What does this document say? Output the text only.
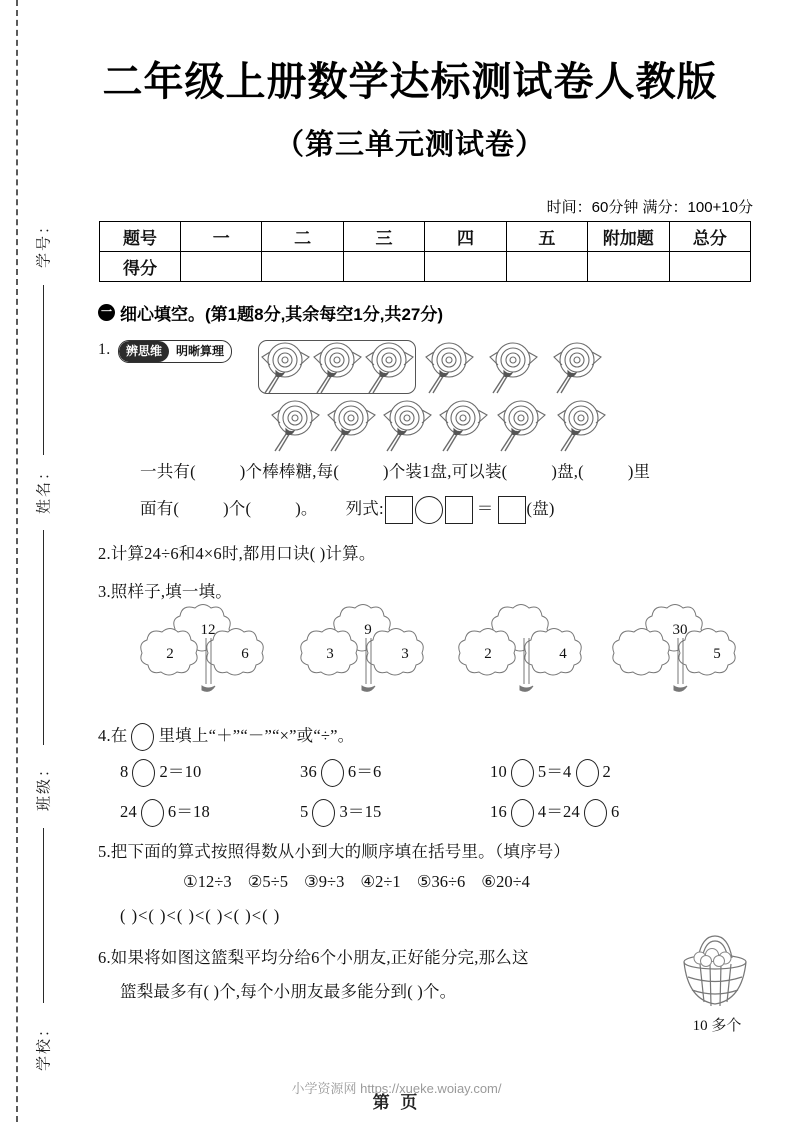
学号：
姓名：
班级：
学校：
二年级上册数学达标测试卷人教版
（第三单元测试卷）
时间：60分钟 满分：100+10分
题号	一	二	三	四	五	附加题	总分
得分							
一 细心填空。(第1题8分,其余每空1分,共27分)
1.	辨思维	明晰算理
一共有(	)个棒棒糖,每(	)个装1盘,可以装(	)盘,(	)里
面有(	)个(	)。 列式:	＝ (盘)
2.计算24÷6和4×6时,都用口诀( )计算。
3.照样子,填一填。
12
2	6
9
3	3	2	4
30
5
4.在 里填上“＋”“－”“×”或“÷”。
8 2＝10	36 6＝6	10 5＝4 2
24 6＝18	5 3＝15	16 4＝24 6
5.把下面的算式按照得数从小到大的顺序填在括号里。（填序号）
①12÷3 ②5÷5 ③9÷3 ④2÷1 ⑤36÷6 ⑥20÷4
( )<( )<( )<( )<( )<( )
6.如果将如图这篮梨平均分给6个小朋友,正好能分完,那么这
篮梨最多有( )个,每个小朋友最多能分到( )个。
10 多个
小学资源网 https://xueke.woiay.com/
第 页
